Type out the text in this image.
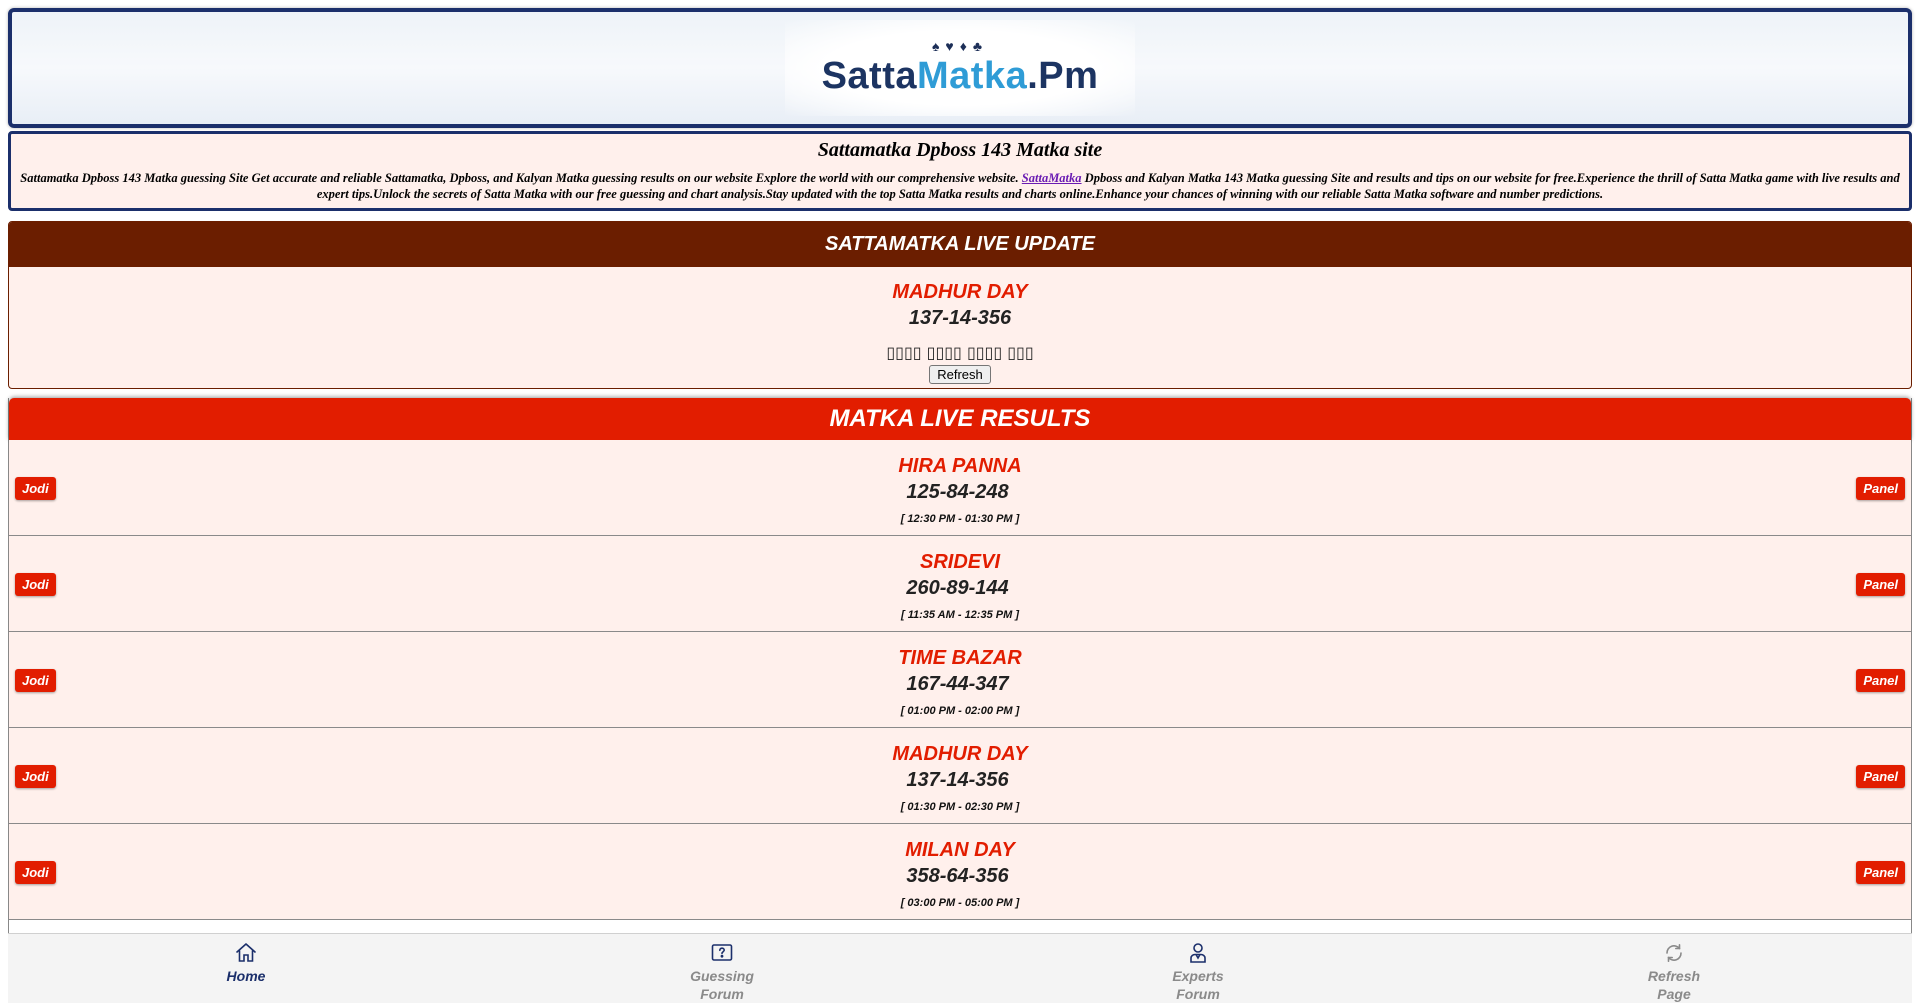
♠♥♦♣
SattaMatka.Pm
Sattamatka Dpboss 143 Matka site

Sattamatka Dpboss 143 Matka guessing Site Get accurate and reliable Sattamatka, Dpboss, and Kalyan Matka guessing results on our website Explore the world with our comprehensive website. SattaMatka Dpboss and Kalyan Matka 143 Matka guessing Site and results and tips on our website for free.Experience the thrill of Satta Matka game with live results and expert tips.Unlock the secrets of Satta Matka with our free guessing and chart analysis.Stay updated with the top Satta Matka results and charts online.Enhance your chances of winning with our reliable Satta Matka software and number predictions.

SATTAMATKA LIVE UPDATE
MADHUR DAY
137-14-356
▯▯▯▯ ▯▯▯▯ ▯▯▯▯ ▯▯▯
Refresh
MATKA LIVE RESULTS
Jodi
HIRA PANNA
125-84-248
[ 12:30 PM - 01:30 PM ]
Panel
Jodi
SRIDEVI
260-89-144
[ 11:35 AM - 12:35 PM ]
Panel
Jodi
TIME BAZAR
167-44-347
[ 01:00 PM - 02:00 PM ]
Panel
Jodi
MADHUR DAY
137-14-356
[ 01:30 PM - 02:30 PM ]
Panel
Jodi
MILAN DAY
358-64-356
[ 03:00 PM - 05:00 PM ]
Panel
Home	Guessing Forum
Experts Forum
Refresh Page
